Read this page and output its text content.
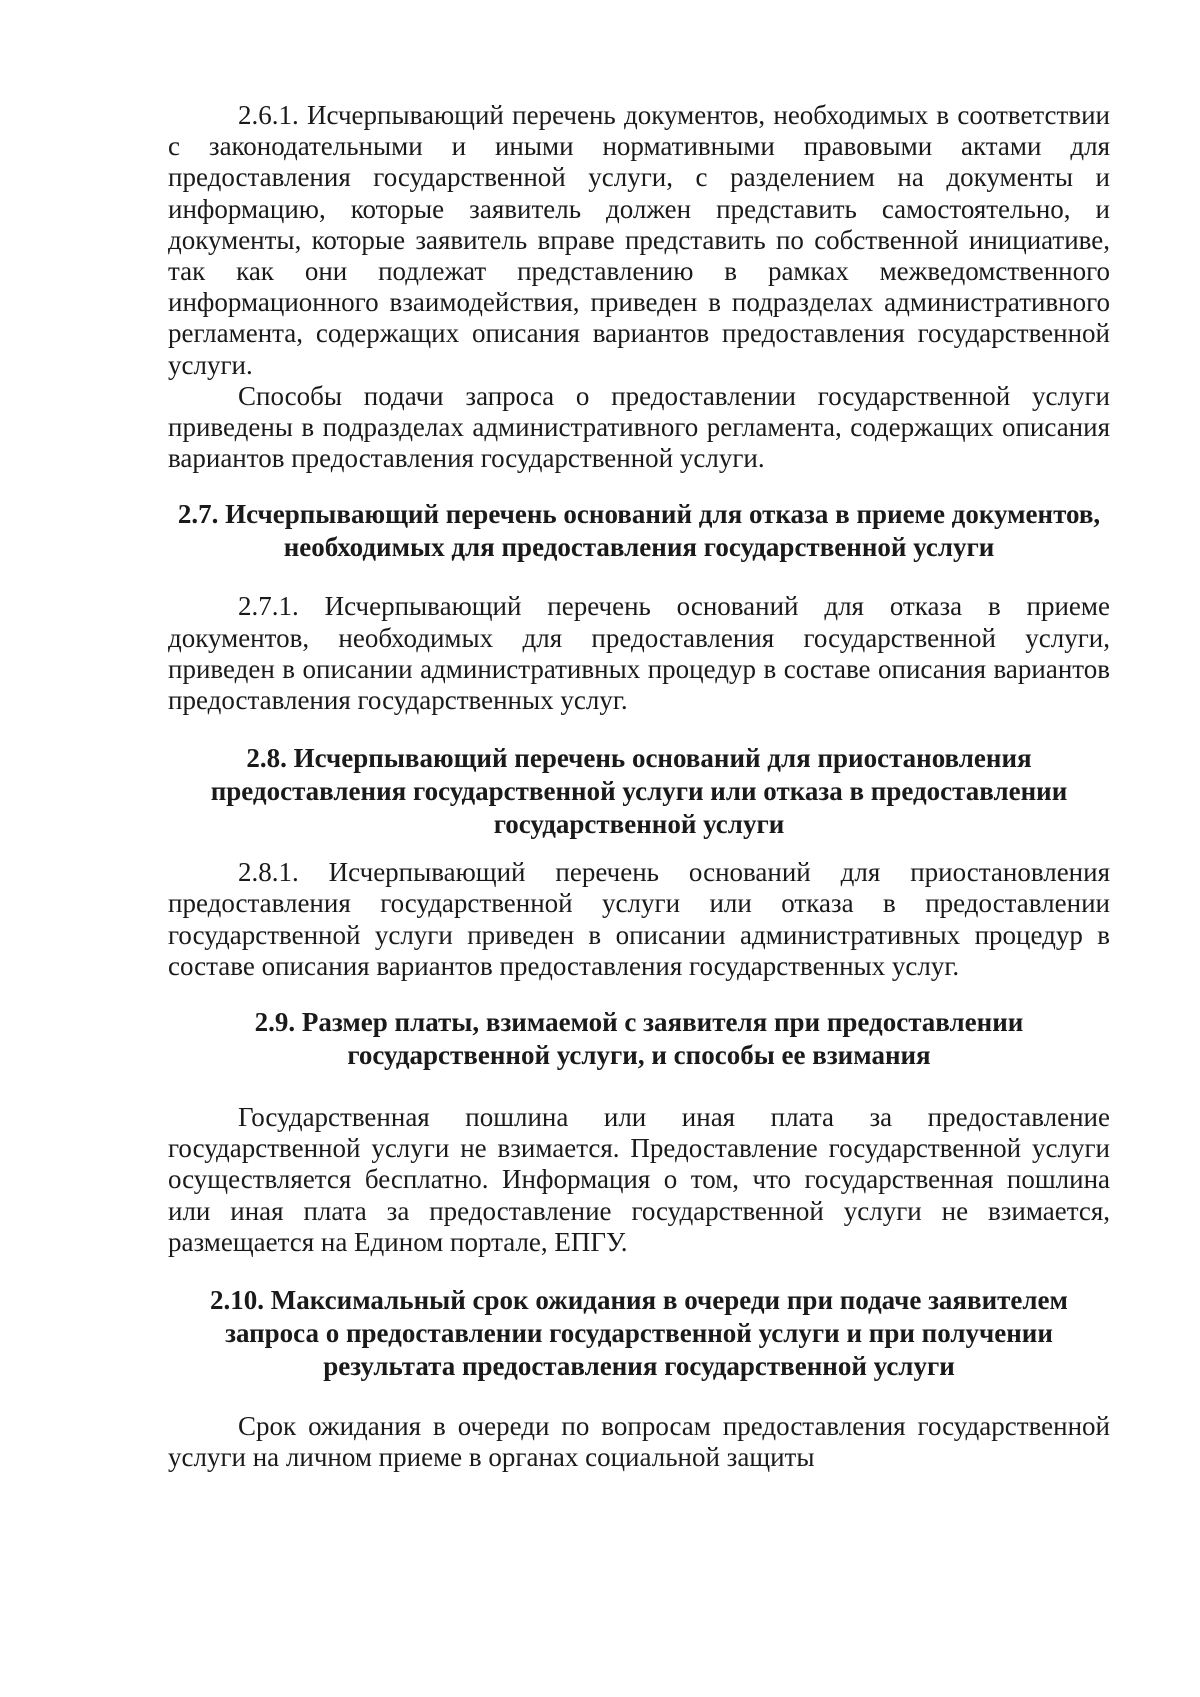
2.6.1. Исчерпывающий перечень документов, необходимых в соответствии с законодательными и иными нормативными правовыми актами для предоставления государственной услуги, с разделением на документы и информацию, которые заявитель должен представить самостоятельно, и документы, которые заявитель вправе представить по собственной инициативе, так как они подлежат представлению в рамках межведомственного информационного взаимодействия, приведен в подразделах административного регламента, содержащих описания вариантов предоставления государственной услуги.

Способы подачи запроса о предоставлении государственной услуги приведены в подразделах административного регламента, содержащих описания вариантов предоставления государственной услуги.

2.7. Исчерпывающий перечень оснований для отказа в приеме документов, необходимых для предоставления государственной услуги

2.7.1. Исчерпывающий перечень оснований для отказа в приеме документов, необходимых для предоставления государственной услуги, приведен в описании административных процедур в составе описания вариантов предоставления государственных услуг.

2.8. Исчерпывающий перечень оснований для приостановления предоставления государственной услуги или отказа в предоставлении государственной услуги

2.8.1. Исчерпывающий перечень оснований для приостановления предоставления государственной услуги или отказа в предоставлении государственной услуги приведен в описании административных процедур в составе описания вариантов предоставления государственных услуг.

2.9. Размер платы, взимаемой с заявителя при предоставлении государственной услуги, и способы ее взимания

Государственная пошлина или иная плата за предоставление государственной услуги не взимается. Предоставление государственной услуги осуществляется бесплатно. Информация о том, что государственная пошлина или иная плата за предоставление государственной услуги не взимается, размещается на Едином портале, ЕПГУ.

2.10. Максимальный срок ожидания в очереди при подаче заявителем запроса о предоставлении государственной услуги и при получении результата предоставления государственной услуги

Срок ожидания в очереди по вопросам предоставления государственной услуги на личном приеме в органах социальной защиты
